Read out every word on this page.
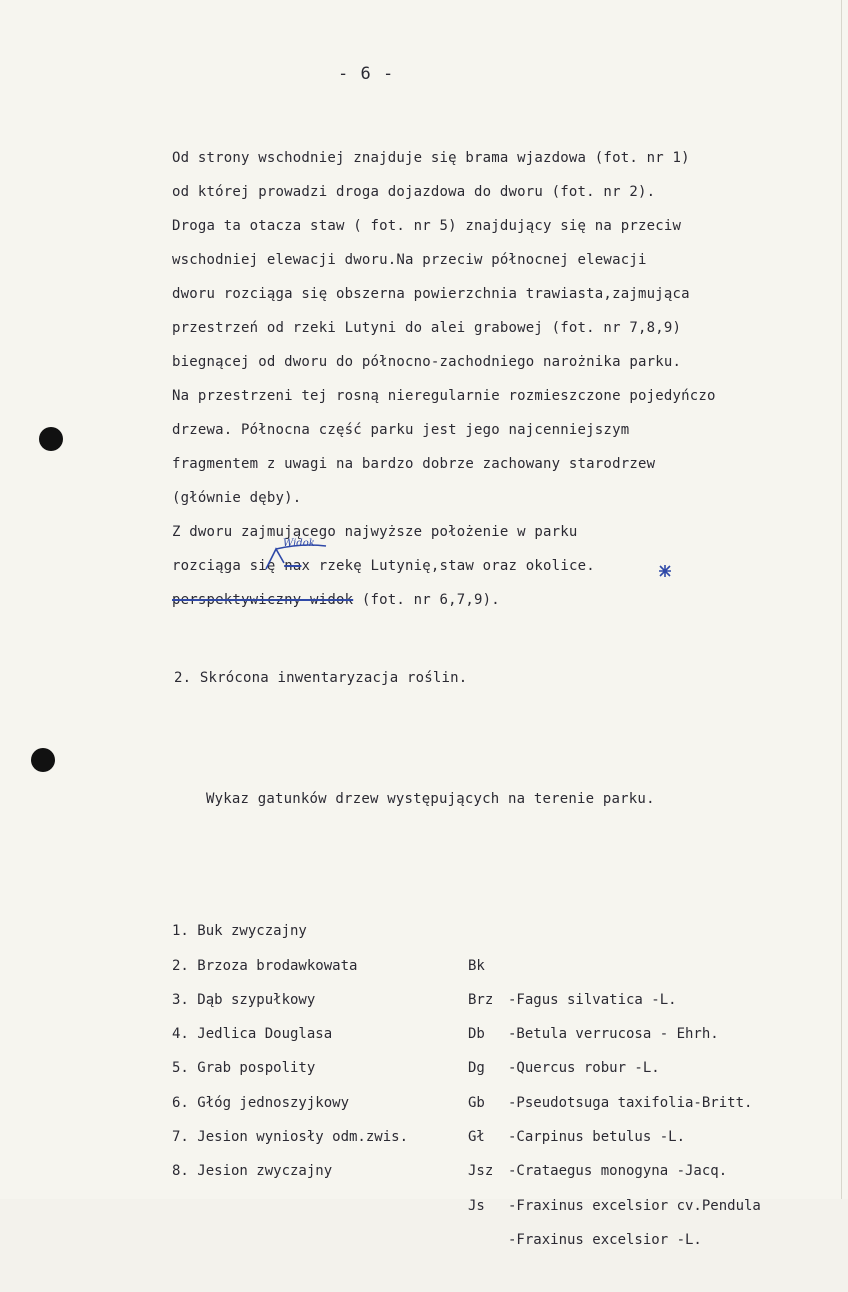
- 6 -
Od strony wschodniej znajduje się brama wjazdowa (fot. nr 1)
od której prowadzi droga dojazdowa do dworu (fot. nr 2).
Droga ta otacza staw ( fot. nr 5) znajdujący się na przeciw
wschodniej elewacji dworu.Na przeciw północnej elewacji
dworu rozciąga się obszerna powierzchnia trawiasta,zajmująca
przestrzeń od rzeki Lutyni do alei grabowej (fot. nr 7,8,9)
biegnącej od dworu do północno-zachodniego narożnika parku.
Na przestrzeni tej rosną nieregularnie rozmieszczone pojedyńczo
drzewa. Północna część parku jest jego najcenniejszym
fragmentem z uwagi na bardzo dobrze zachowany starodrzew
(głównie dęby).
Z dworu zajmującego najwyższe położenie w parku
rozciąga się nax rzekę Lutynię,staw oraz okolice.
perspektywiczny widok (fot. nr 6,7,9).
Widok
2. Skrócona inwentaryzacja roślin.
Wykaz gatunków drzew występujących na terenie parku.

1. Buk zwyczajny

Bk

-Fagus silvatica -L.

2. Brzoza brodawkowata

Brz

-Betula verrucosa - Ehrh.

3. Dąb szypułkowy

Db

-Quercus robur -L.

4. Jedlica Douglasa

Dg

-Pseudotsuga taxifolia-Britt.

5. Grab pospolity

Gb

-Carpinus betulus -L.

6. Głóg jednoszyjkowy

Gł

-Crataegus monogyna -Jacq.

7. Jesion wyniosły odm.zwis.

Jsz

-Fraxinus excelsior cv.Pendula

8. Jesion zwyczajny

Js

-Fraxinus excelsior -L.
